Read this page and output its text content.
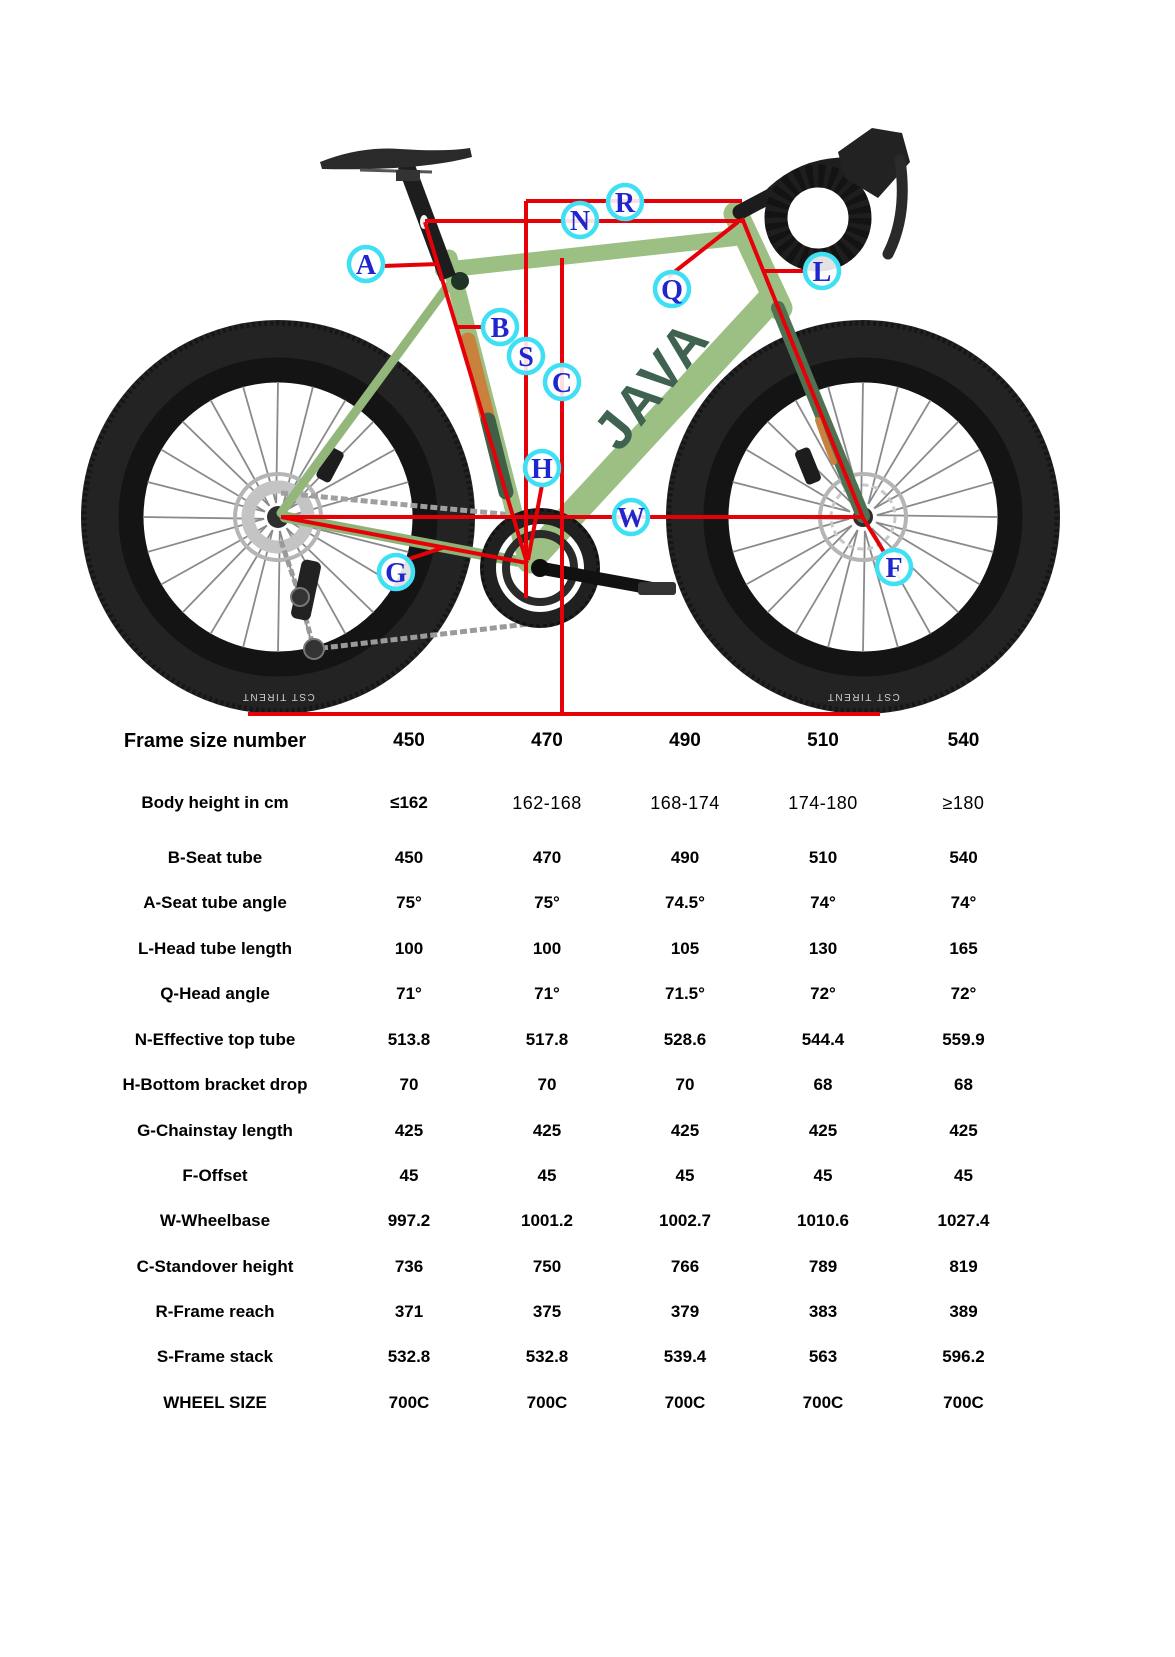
CST TIRENT	CST TIRENT
JAVA
A
B
S
C
N
R
Q
L
H
W
G	F
Frame size number	450	470	490	510	540
Body height in cm	≤162	162-168	168-174	174-180	≥180
B-Seat tube	450	470	490	510	540
A-Seat tube angle	75°	75°	74.5°	74°	74°
L-Head tube length	100	100	105	130	165
Q-Head angle	71°	71°	71.5°	72°	72°
N-Effective top tube	513.8	517.8	528.6	544.4	559.9
H-Bottom bracket drop	70	70	70	68	68
G-Chainstay length	425	425	425	425	425
F-Offset	45	45	45	45	45
W-Wheelbase	997.2	1001.2	1002.7	1010.6	1027.4
C-Standover height	736	750	766	789	819
R-Frame reach	371	375	379	383	389
S-Frame stack	532.8	532.8	539.4	563	596.2
WHEEL SIZE	700C	700C	700C	700C	700C
